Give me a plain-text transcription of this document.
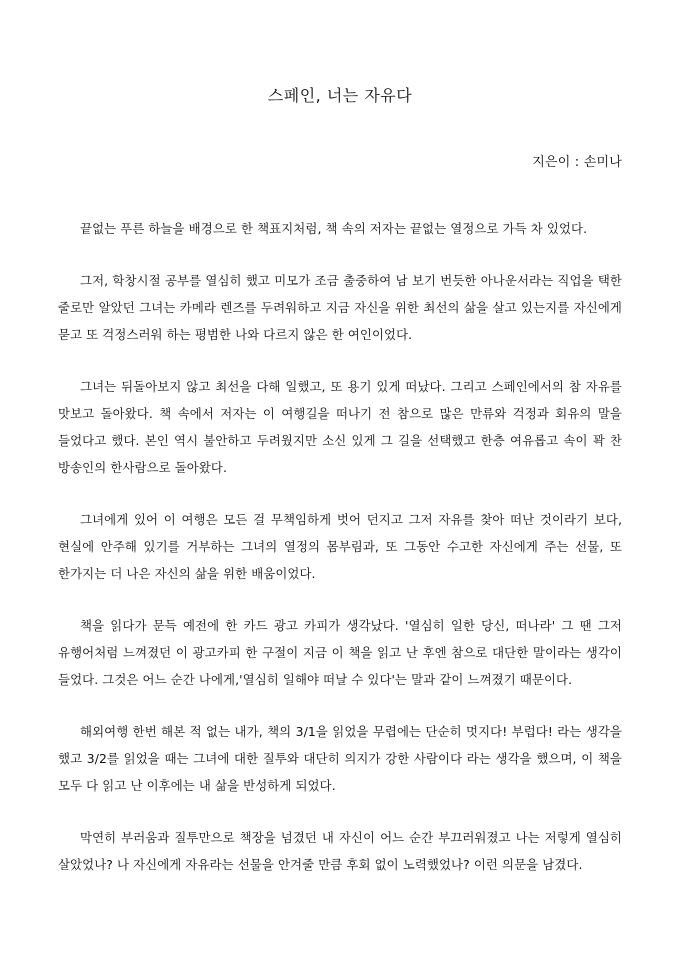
스페인, 너는 자유다
지은이 : 손미나

끝없는 푸른 하늘을 배경으로 한 책표지처럼, 책 속의 저자는 끝없는 열정으로 가득 차 있었다.

그저, 학창시절 공부를 열심히 했고 미모가 조금 출중하여 남 보기 번듯한 아나운서라는 직업을 택한 줄로만 알았던 그녀는 카메라 렌즈를 두려워하고 지금 자신을 위한 최선의 삶을 살고 있는지를 자신에게 묻고 또 걱정스러워 하는 평범한 나와 다르지 않은 한 여인이었다.

그녀는 뒤돌아보지 않고 최선을 다해 일했고, 또 용기 있게 떠났다. 그리고 스페인에서의 참 자유를 맛보고 돌아왔다. 책 속에서 저자는 이 여행길을 떠나기 전 참으로 많은 만류와 걱정과 회유의 말을 들었다고 했다. 본인 역시 불안하고 두려웠지만 소신 있게 그 길을 선택했고 한층 여유롭고 속이 꽉 찬 방송인의 한사람으로 돌아왔다.

그녀에게 있어 이 여행은 모든 걸 무책임하게 벗어 던지고 그저 자유를 찾아 떠난 것이라기 보다, 현실에 안주해 있기를 거부하는 그녀의 열정의 몸부림과, 또 그동안 수고한 자신에게 주는 선물, 또 한가지는 더 나은 자신의 삶을 위한 배움이었다.

책을 읽다가 문득 예전에 한 카드 광고 카피가 생각났다. '열심히 일한 당신, 떠나라' 그 땐 그저 유행어처럼 느껴졌던 이 광고카피 한 구절이 지금 이 책을 읽고 난 후엔 참으로 대단한 말이라는 생각이 들었다. 그것은 어느 순간 나에게,'열심히 일해야 떠날 수 있다'는 말과 같이 느껴졌기 때문이다.

해외여행 한번 해본 적 없는 내가, 책의 3/1을 읽었을 무렵에는 단순히 멋지다! 부럽다! 라는 생각을 했고 3/2를 읽었을 때는 그녀에 대한 질투와 대단히 의지가 강한 사람이다 라는 생각을 했으며, 이 책을 모두 다 읽고 난 이후에는 내 삶을 반성하게 되었다.

막연히 부러움과 질투만으로 책장을 넘겼던 내 자신이 어느 순간 부끄러워졌고 나는 저렇게 열심히 살았었나? 나 자신에게 자유라는 선물을 안겨줄 만큼 후회 없이 노력했었나? 이런 의문을 남겼다.
